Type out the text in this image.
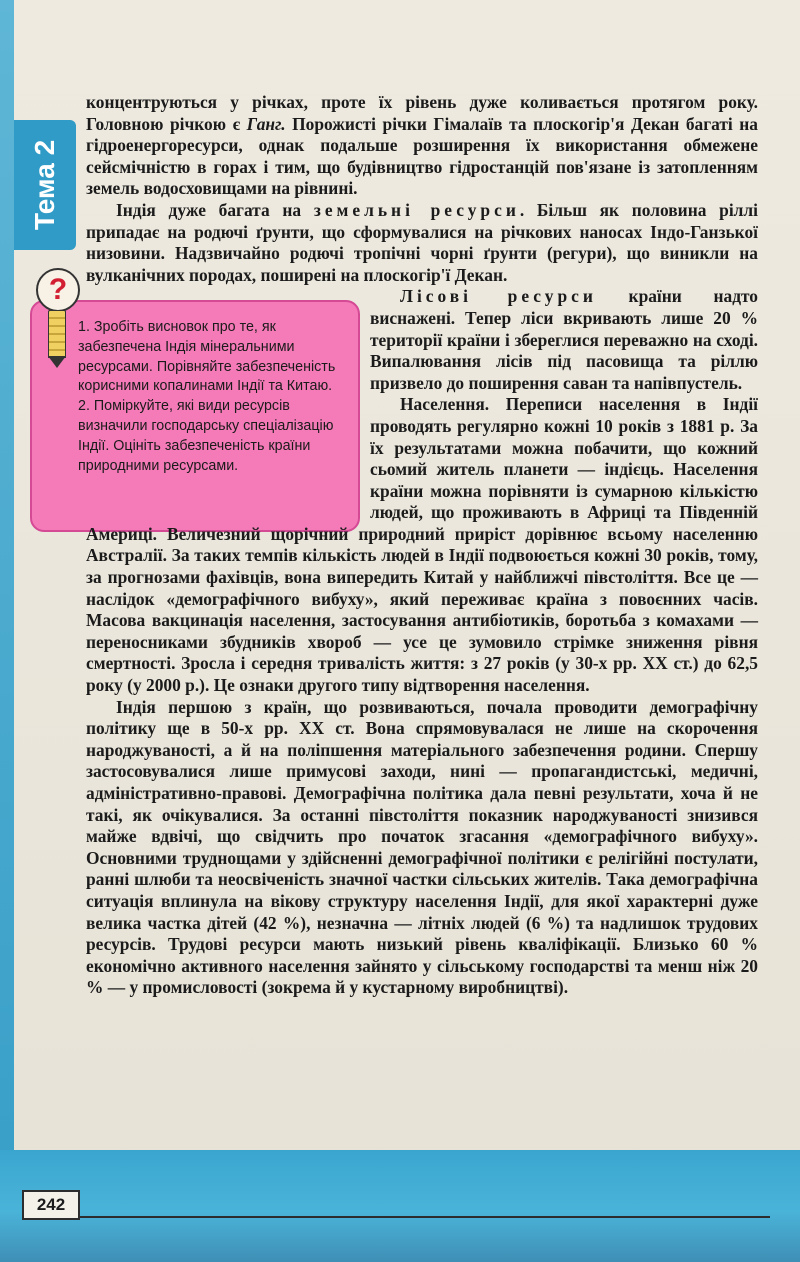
Тема 2
?

1. Зробіть висновок про те, як забезпечена Індія мінеральними ресурсами. Порівняйте забезпеченість корисними копалинами Індії та Китаю.

2. Поміркуйте, які види ресурсів визначили господарську спеціалізацію Індії. Оцініть забезпеченість країни природними ресурсами.

концентруються у річках, проте їх рівень дуже коливається протягом року. Головною річкою є Ганг. Порожисті річки Гімалаїв та плоскогір'я Декан багаті на гідроенергоресурси, однак подальше розширення їх використання обмежене сейсмічністю в горах і тим, що будівництво гідростанцій пов'язане із затопленням земель водосховищами на рівнині.

Індія дуже багата на земельні ресурси. Більш як половина ріллі припадає на родючі ґрунти, що сформувалися на річкових наносах Індо-Ганзької низовини. Надзвичайно родючі тропічні чорні ґрунти (регури), що виникли на вулканічних породах, поширені на плоскогір'ї Декан.

Лісові ресурси країни надто виснажені. Тепер ліси вкривають лише 20 % території країни і збереглися переважно на сході. Випалювання лісів під пасовища та ріллю призвело до поширення саван та напівпустель.

Населення. Переписи населення в Індії проводять регулярно кожні 10 років з 1881 р. За їх результатами можна побачити, що кожний сьомий житель планети — індієць. Населення країни можна порівняти із сумарною кількістю людей, що проживають в Африці та Південній Америці. Величезний щорічний природний приріст дорівнює всьому населенню Австралії. За таких темпів кількість людей в Індії подвоюється кожні 30 років, тому, за прогнозами фахівців, вона випередить Китай у найближчі півстоліття. Все це — наслідок «демографічного вибуху», який переживає країна з повоєнних часів. Масова вакцинація населення, застосування антибіотиків, боротьба з комахами — переносниками збудників хвороб — усе це зумовило стрімке зниження рівня смертності. Зросла і середня тривалість життя: з 27 років (у 30-х рр. XX ст.) до 62,5 року (у 2000 р.). Це ознаки другого типу відтворення населення.

Індія першою з країн, що розвиваються, почала проводити демографічну політику ще в 50-х рр. XX ст. Вона спрямовувалася не лише на скорочення народжуваності, а й на поліпшення матеріального забезпечення родини. Спершу застосовувалися лише примусові заходи, нині — пропагандистські, медичні, адміністративно-правові. Демографічна політика дала певні результати, хоча й не такі, як очікувалися. За останні півстоліття показник народжуваності знизився майже вдвічі, що свідчить про початок згасання «демографічного вибуху». Основними труднощами у здійсненні демографічної політики є релігійні постулати, ранні шлюби та неосвіченість значної частки сільських жителів. Така демографічна ситуація вплинула на вікову структуру населення Індії, для якої характерні дуже велика частка дітей (42 %), незначна — літніх людей (6 %) та надлишок трудових ресурсів. Трудові ресурси мають низький рівень кваліфікації. Близько 60 % економічно активного населення зайнято у сільському господарстві та менш ніж 20 % — у промисловості (зокрема й у кустарному виробництві).

242
